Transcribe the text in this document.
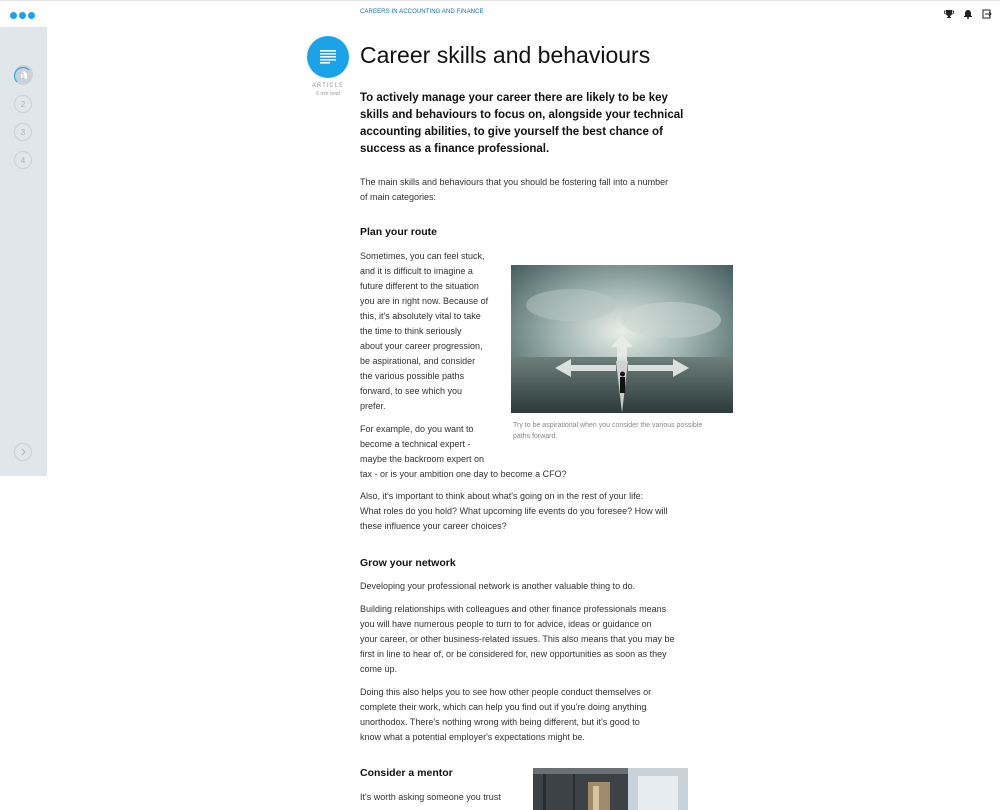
1
2
3
4
CAREERS IN ACCOUNTING AND FINANCE
ARTICLE
6 min read
Career skills and behaviours

To actively manage your career there are likely to be key skills and behaviours to focus on, alongside your technical accounting abilities, to give yourself the best chance of success as a finance professional.

The main skills and behaviours that you should be fostering fall into a number
of main categories:

Plan your route

Sometimes, you can feel stuck,
and it is difficult to imagine a
future different to the situation
you are in right now. Because of
this, it's absolutely vital to take
the time to think seriously
about your career progression,
be aspirational, and consider
the various possible paths
forward, to see which you
prefer.

Try to be aspirational when you consider the various possible
paths forward.

For example, do you want to
become a technical expert -
maybe the backroom expert on
tax - or is your ambition one day to become a CFO?

Also, it's important to think about what's going on in the rest of your life:
What roles do you hold? What upcoming life events do you foresee? How will
these influence your career choices?

Grow your network

Developing your professional network is another valuable thing to do.

Building relationships with colleagues and other finance professionals means
you will have numerous people to turn to for advice, ideas or guidance on
your career, or other business-related issues. This also means that you may be
first in line to hear of, or be considered for, new opportunities as soon as they
come up.

Doing this also helps you to see how other people conduct themselves or
complete their work, which can help you find out if you're doing anything
unorthodox. There's nothing wrong with being different, but it's good to
know what a potential employer's expectations might be.

Consider a mentor

It's worth asking someone you trust
